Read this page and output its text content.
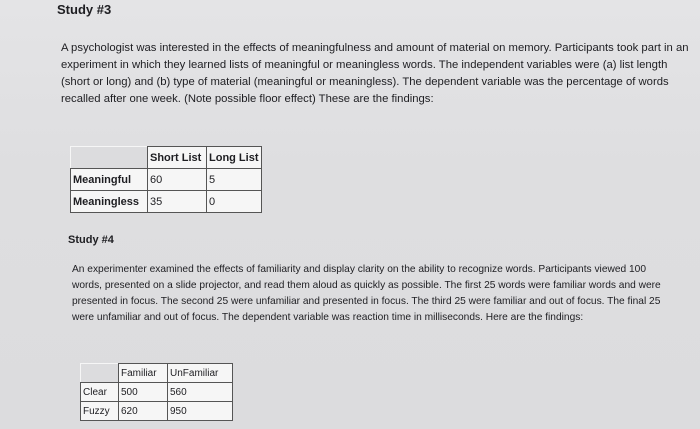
Study #3

A psychologist was interested in the effects of meaningfulness and amount of material on memory. Participants took part in an experiment in which they learned lists of meaningful or meaningless words. The independent variables were (a) list length (short or long) and (b) type of material (meaningful or meaningless). The dependent variable was the percentage of words recalled after one week. (Note possible floor effect) These are the findings:

	Short List	Long List
Meaningful	60	5
Meaningless	35	0
Study #4

An experimenter examined the effects of familiarity and display clarity on the ability to recognize words. Participants viewed 100 words, presented on a slide projector, and read them aloud as quickly as possible. The first 25 words were familiar words and were presented in focus. The second 25 were unfamiliar and presented in focus. The third 25 were familiar and out of focus. The final 25 were unfamiliar and out of focus. The dependent variable was reaction time in milliseconds. Here are the findings:

	Familiar	UnFamiliar
Clear	500	560
Fuzzy	620	950
